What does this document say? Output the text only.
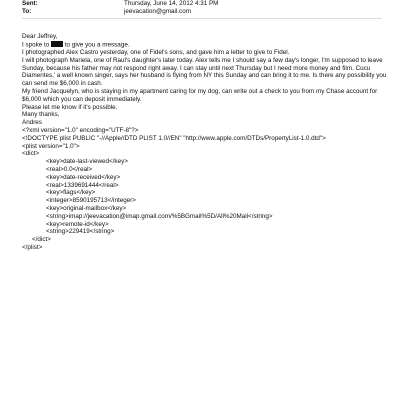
Sent:	Thursday, June 14, 2012 4:31 PM
To:	jeevacation@gmail.com

Dear Jeffrey,

I spoke to to give you a message.

I photographed Alex Castro yesterday, one of Fidel's sons, and gave him a letter to give to Fidel.

I will photograph Mariela, one of Raul's daughter's later today. Alex tells me I should say a few day's longer, I'm supposed to leave Sunday, because his father may not respond right away. I can stay until next Thursday but I need more money and film. Cucu Diamentes,' a well known singer, says her husband is flying from NY this Sunday and can bring it to me. Is there any possibility you can send me $6,000 in cash.

My friend Jacquelyn, who is staying in my apartment caring for my dog, can write out a check to you from my Chase account for $6,000 which you can deposit immediately.

Please let me know if it's possible.

Many thanks,

Andres

<?xml version="1.0" encoding="UTF-8"?>

<!DOCTYPE plist PUBLIC "-//Apple//DTD PLIST 1.0//EN" "http://www.apple.com/DTDs/PropertyList-1.0.dtd">

<plist version="1.0">

<dict>

<key>date-last-viewed</key>

<real>0.0</real>

<key>date-received</key>

<real>1339691444</real>

<key>flags</key>

<integer>8590195713</integer>

<key>original-mailbox</key>

<string>imap://jeevacation@imap.gmail.com/%5BGmail%5D/All%20Mail</string>

<key>remote-id</key>

<string>229419</string>

</dict>

</plist>
